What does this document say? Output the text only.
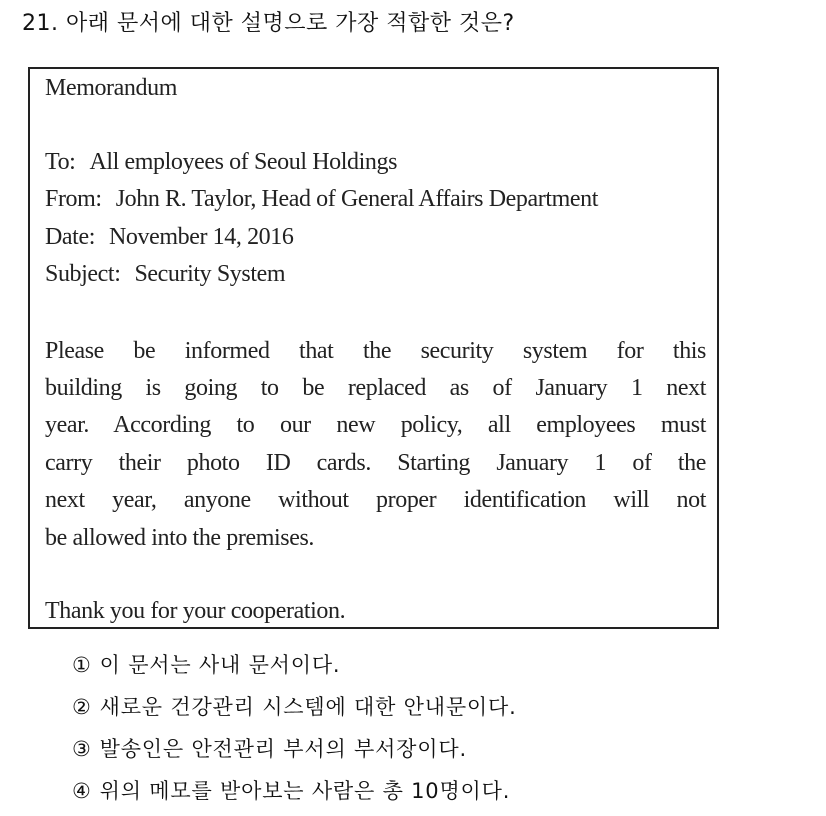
21. 아래 문서에 대한 설명으로 가장 적합한 것은?
Memorandum
To: All employees of Seoul Holdings
From: John R. Taylor, Head of General Affairs Department
Date: November 14, 2016
Subject: Security System
Please be informed that the security system for this
building is going to be replaced as of January 1 next
year. According to our new policy, all employees must
carry their photo ID cards. Starting January 1 of the
next year, anyone without proper identification will not
be allowed into the premises.
Thank you for your cooperation.
① 이 문서는 사내 문서이다.
② 새로운 건강관리 시스템에 대한 안내문이다.
③ 발송인은 안전관리 부서의 부서장이다.
④ 위의 메모를 받아보는 사람은 총 10명이다.
